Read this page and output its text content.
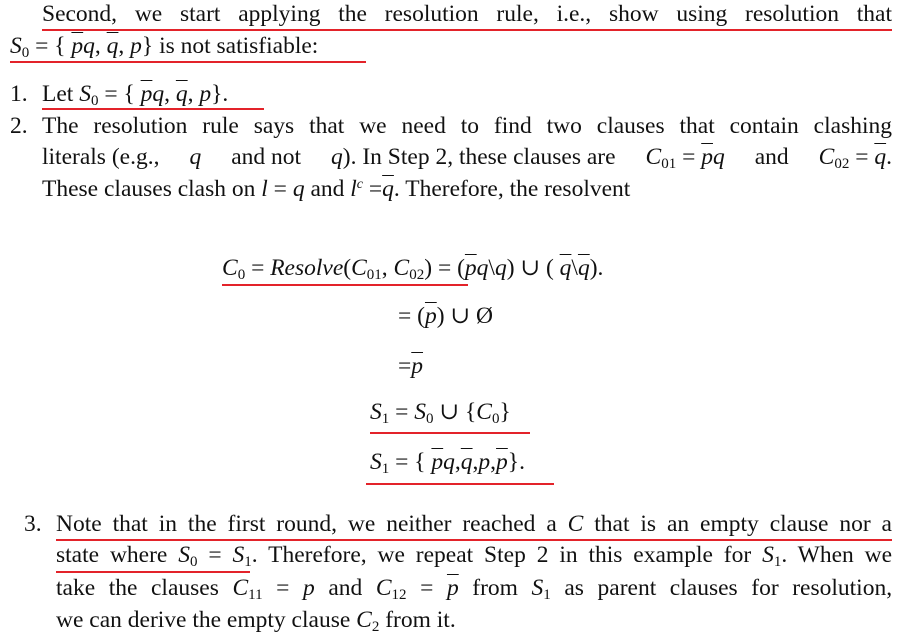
Second, we start applying the resolution rule, i.e., show using resolution that
$S_0$ = { $\overline{p}q$, $\overline{q}$, p} is not satisfiable:
1. Let $S_0$ = { $\overline{p}q$, $\overline{q}$, p}.
2. The resolution rule says that we need to find two clauses that contain clashing
literals (e.g., q and not q). In Step 2, these clauses are $C_{01} = \overline{p}q$ and $C_{02} = \overline{q}$.
These clauses clash on l = q and $l^c =\overline{q}$. Therefore, the resolvent
$C_0$ = $Resolve(C_{01}$, $C_{02}$) = $(\overline{p}q\backslash q)$ ∪ ( $\overline{q}\backslash\overline{q}$).
= $(\overline{p})$ ∪ Ø
$=\overline{p}$
$S_1 = S_0$ ∪ $\{C_0\}$
$S_1$ = { $\overline{p}q,\overline{q},p,\overline{p}$}.
3. Note that in the first round, we neither reached a C that is an empty clause nor a
state where $S_0 = S_1$. Therefore, we repeat Step 2 in this example for $S_1$. When we
take the clauses $C_{11} = p$ and $C_{12} = \overline{p}$ from $S_1$ as parent clauses for resolution,
we can derive the empty clause $C_2$ from it.
